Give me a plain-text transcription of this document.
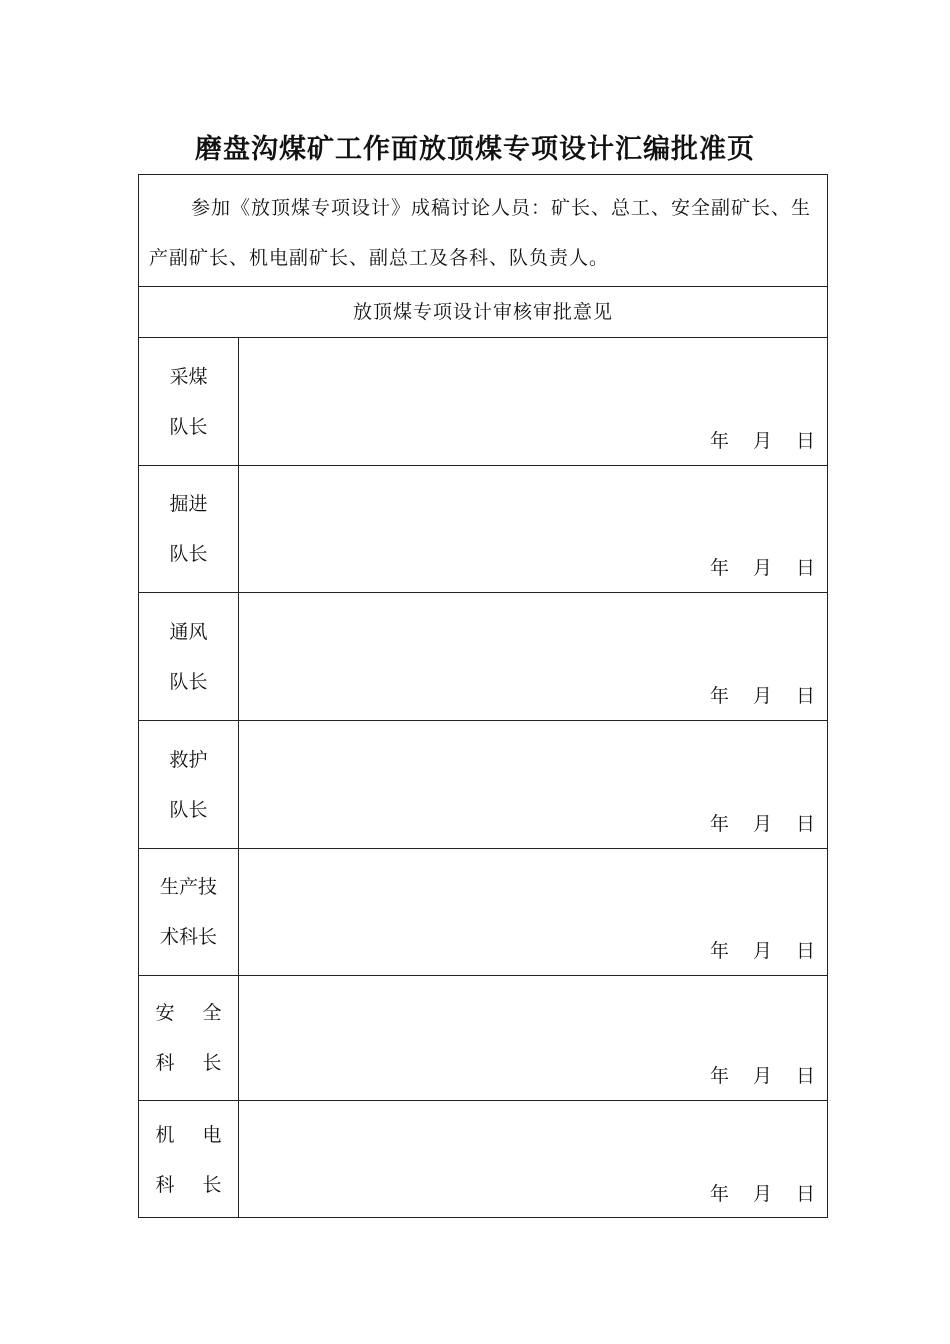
磨盘沟煤矿工作面放顶煤专项设计汇编批准页

参加《放顶煤专项设计》成稿讨论人员：矿长、总工、安全副矿长、生产副矿长、机电副矿长、副总工及各科、队负责人。

放顶煤专项设计审核审批意见
采煤
队长
年 月 日
掘进
队长
年 月 日
通风
队长
年 月 日
救护
队长
年 月 日
生产技
术科长
年 月 日
安全
科长
年 月 日
机电
科长	年 月 日
